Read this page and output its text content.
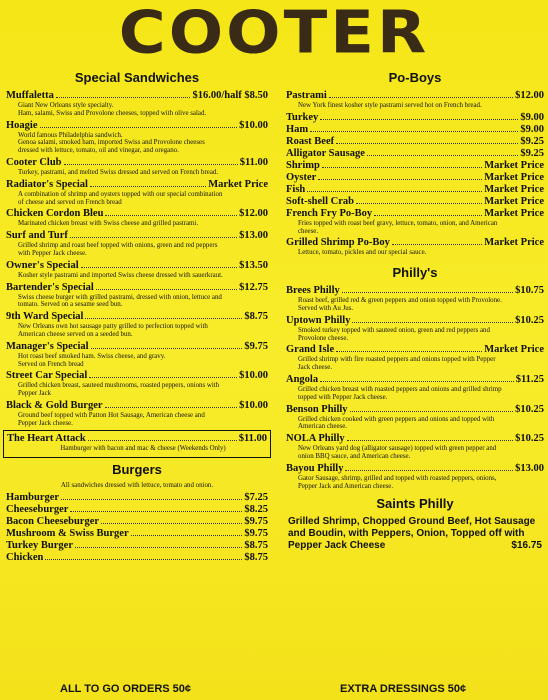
COOTER
Special Sandwiches
Muffaletta	$16.00/half $8.50
Giant New Orleans style specialty.
Ham, salami, Swiss and Provolone cheeses, topped with olive salad.
Hoagie	$10.00
World famous Philadelphia sandwich.
Genoa salami, smoked ham, imported Swiss and Provolone cheeses
dressed with lettuce, tomato, oil and vinegar, and oregano.
Cooter Club	$11.00
Turkey, pastrami, and melted Swiss dressed and served on French bread.
Radiator's Special	Market Price
A combination of shrimp and oysters topped with our special combination
of cheese and served on French bread
Chicken Cordon Bleu	$12.00
Marinated chicken breast with Swiss cheese and grilled pastrami.
Surf and Turf	$13.00
Grilled shrimp and roast beef topped with onions, green and red peppers
with Pepper Jack cheese.
Owner's Special	$13.50
Kosher style pastrami and imported Swiss cheese dressed with sauerkraut.
Bartender's Special	$12.75
Swiss cheese burger with grilled pastrami, dressed with onion, lettuce and
tomato. Served on a sesame seed bun.
9th Ward Special	$8.75
New Orleans own hot sausage patty grilled to perfection topped with
American cheese served on a seeded bun.
Manager's Special	$9.75
Hot roast beef smoked ham. Swiss cheese, and gravy.
Served on French bread
Street Car Special	$10.00
Grilled chicken breast, sauteed mushrooms, roasted peppers, onions with
Pepper Jack
Black & Gold Burger	$10.00
Ground beef topped with Patton Hot Sausage, American cheese and
Pepper Jack cheese.
The Heart Attack	$11.00
Hamburger with bacon and mac & cheese (Weekends Only)
Burgers
All sandwiches dressed with lettuce, tomato and onion.
Hamburger	$7.25
Cheeseburger	$8.25
Bacon Cheeseburger	$9.75
Mushroom & Swiss Burger	$9.75
Turkey Burger	$8.75
Chicken	$8.75
Po-Boys
Pastrami	$12.00
New York finest kosher style pastrami served hot on French bread.
Turkey	$9.00
Ham	$9.00
Roast Beef	$9.25
Alligator Sausage	$9.25
Shrimp	Market Price
Oyster	Market Price
Fish	Market Price
Soft-shell Crab	Market Price
French Fry Po-Boy	Market Price
Fries topped with roast beef gravy, lettuce, tomato, onion, and American
cheese.
Grilled Shrimp Po-Boy	Market Price
Lettuce, tomato, pickles and our special sauce.
Philly's
Brees Philly	$10.75
Roast beef, grilled red & green peppers and onion topped with Provolone.
Served with Au Jus.
Uptown Philly	$10.25
Smoked turkey topped with sauteed onion, green and red peppers and
Provolone cheese.
Grand Isle	Market Price
Grilled shrimp with fire roasted peppers and onions topped with Pepper
Jack cheese.
Angola	$11.25
Grilled chicken breast with roasted peppers and onions and grilled shrimp
topped with Pepper Jack cheese.
Benson Philly	$10.25
Grilled chicken cooked with green peppers and onions and topped with
American cheese.
NOLA Philly	$10.25
New Orleans yard dog (alligator sausage) topped with green pepper and
onion BBQ sauce, and American cheese.
Bayou Philly	$13.00
Gator Sausage, shrimp, grilled and topped with roasted peppers, onions,
Pepper Jack and American cheese.
Saints Philly
Grilled Shrimp, Chopped Ground Beef, Hot Sausage
and Boudin, with Peppers, Onion, Topped off with
Pepper Jack Cheese	$16.75
ALL TO GO ORDERS 50¢	EXTRA DRESSINGS 50¢
